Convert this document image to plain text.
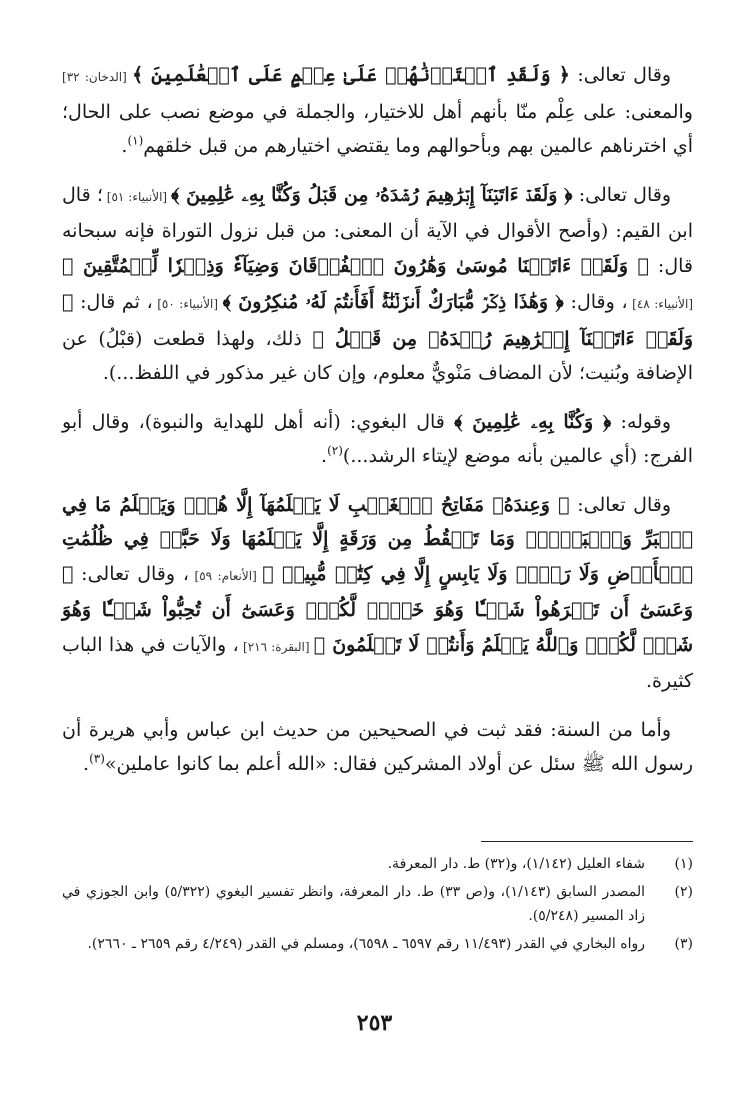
وقال تعالى: ﴿ وَلَقَدِ ٱخۡتَرۡنَٰهُمۡ عَلَىٰ عِلۡمٍ عَلَى ٱلۡعَٰلَمِينَ ﴾ [الدخان: ٣٢] والمعنى: على عِلْم منّا بأنهم أهل للاختيار، والجملة في موضع نصب على الحال؛ أي اخترناهم عالمين بهم وبأحوالهم وما يقتضي اختيارهم من قبل خلقهم$^{(١)}$.

وقال تعالى: ﴿ وَلَقَدۡ ءَاتَيۡنَآ إِبۡرَٰهِيمَ رُشۡدَهُۥ مِن قَبۡلُ وَكُنَّا بِهِۦ عَٰلِمِينَ ﴾ [الأنبياء: ٥١] ؛ قال ابن القيم: (وأصح الأقوال في الآية أن المعنى: من قبل نزول التوراة فإنه سبحانه قال: ﴿ وَلَقَدۡ ءَاتَيۡنَا مُوسَىٰ وَهَٰرُونَ ٱلۡفُرۡقَانَ وَضِيَآءٗ وَذِكۡرٗا لِّلۡمُتَّقِينَ ﴾ [الأنبياء: ٤٨] ، وقال: ﴿ وَهَٰذَا ذِكۡرٞ مُّبَارَكٌ أَنزَلۡنَٰهُۚ أَفَأَنتُمۡ لَهُۥ مُنكِرُونَ ﴾ [الأنبياء: ٥٠] ، ثم قال: ﴿ وَلَقَدۡ ءَاتَيۡنَآ إِبۡرَٰهِيمَ رُشۡدَهُۥ مِن قَبۡلُ ﴾ ذلك، ولهذا قطعت (قبْلُ) عن الإضافة وبُنيت؛ لأن المضاف مَنْويٌّ معلوم، وإن كان غير مذكور في اللفظ...).

وقوله: ﴿ وَكُنَّا بِهِۦ عَٰلِمِينَ ﴾ قال البغوي: (أنه أهل للهداية والنبوة)، وقال أبو الفرج: (أي عالمين بأنه موضع لإيتاء الرشد...)$^{(٢)}$.

وقال تعالى: ﴿ وَعِندَهُۥ مَفَاتِحُ ٱلۡغَيۡبِ لَا يَعۡلَمُهَآ إِلَّا هُوَۚ وَيَعۡلَمُ مَا فِي ٱلۡبَرِّ وَٱلۡبَحۡرِۚ وَمَا تَسۡقُطُ مِن وَرَقَةٍ إِلَّا يَعۡلَمُهَا وَلَا حَبَّةٖ فِي ظُلُمَٰتِ ٱلۡأَرۡضِ وَلَا رَطۡبٖ وَلَا يَابِسٍ إِلَّا فِي كِتَٰبٖ مُّبِينٖ ﴾ [الأنعام: ٥٩] ، وقال تعالى: ﴿ وَعَسَىٰٓ أَن تَكۡرَهُواْ شَيۡـٔٗا وَهُوَ خَيۡرٞ لَّكُمۡۖ وَعَسَىٰٓ أَن تُحِبُّواْ شَيۡـٔٗا وَهُوَ شَرّٞ لَّكُمۡۚ وَٱللَّهُ يَعۡلَمُ وَأَنتُمۡ لَا تَعۡلَمُونَ ﴾ [البقرة: ٢١٦] ، والآيات في هذا الباب كثيرة.

وأما من السنة: فقد ثبت في الصحيحين من حديث ابن عباس وأبي هريرة أن رسول الله ﷺ سئل عن أولاد المشركين فقال: «الله أعلم بما كانوا عاملين»$^{(٣)}$.

(١)
شفاء العليل (١/١٤٢)، و(٣٢) ط. دار المعرفة.
(٢)
المصدر السابق (١/١٤٣)، و(ص ٣٣) ط. دار المعرفة، وانظر تفسير البغوي (٥/٣٢٢) وابن الجوزي في زاد المسير (٥/٢٤٨).
(٣)
رواه البخاري في القدر (١١/٤٩٣ رقم ٦٥٩٧ ـ ٦٥٩٨)، ومسلم في القدر (٤/٢٤٩ رقم ٢٦٥٩ ـ ٢٦٦٠).
٢٥٣
